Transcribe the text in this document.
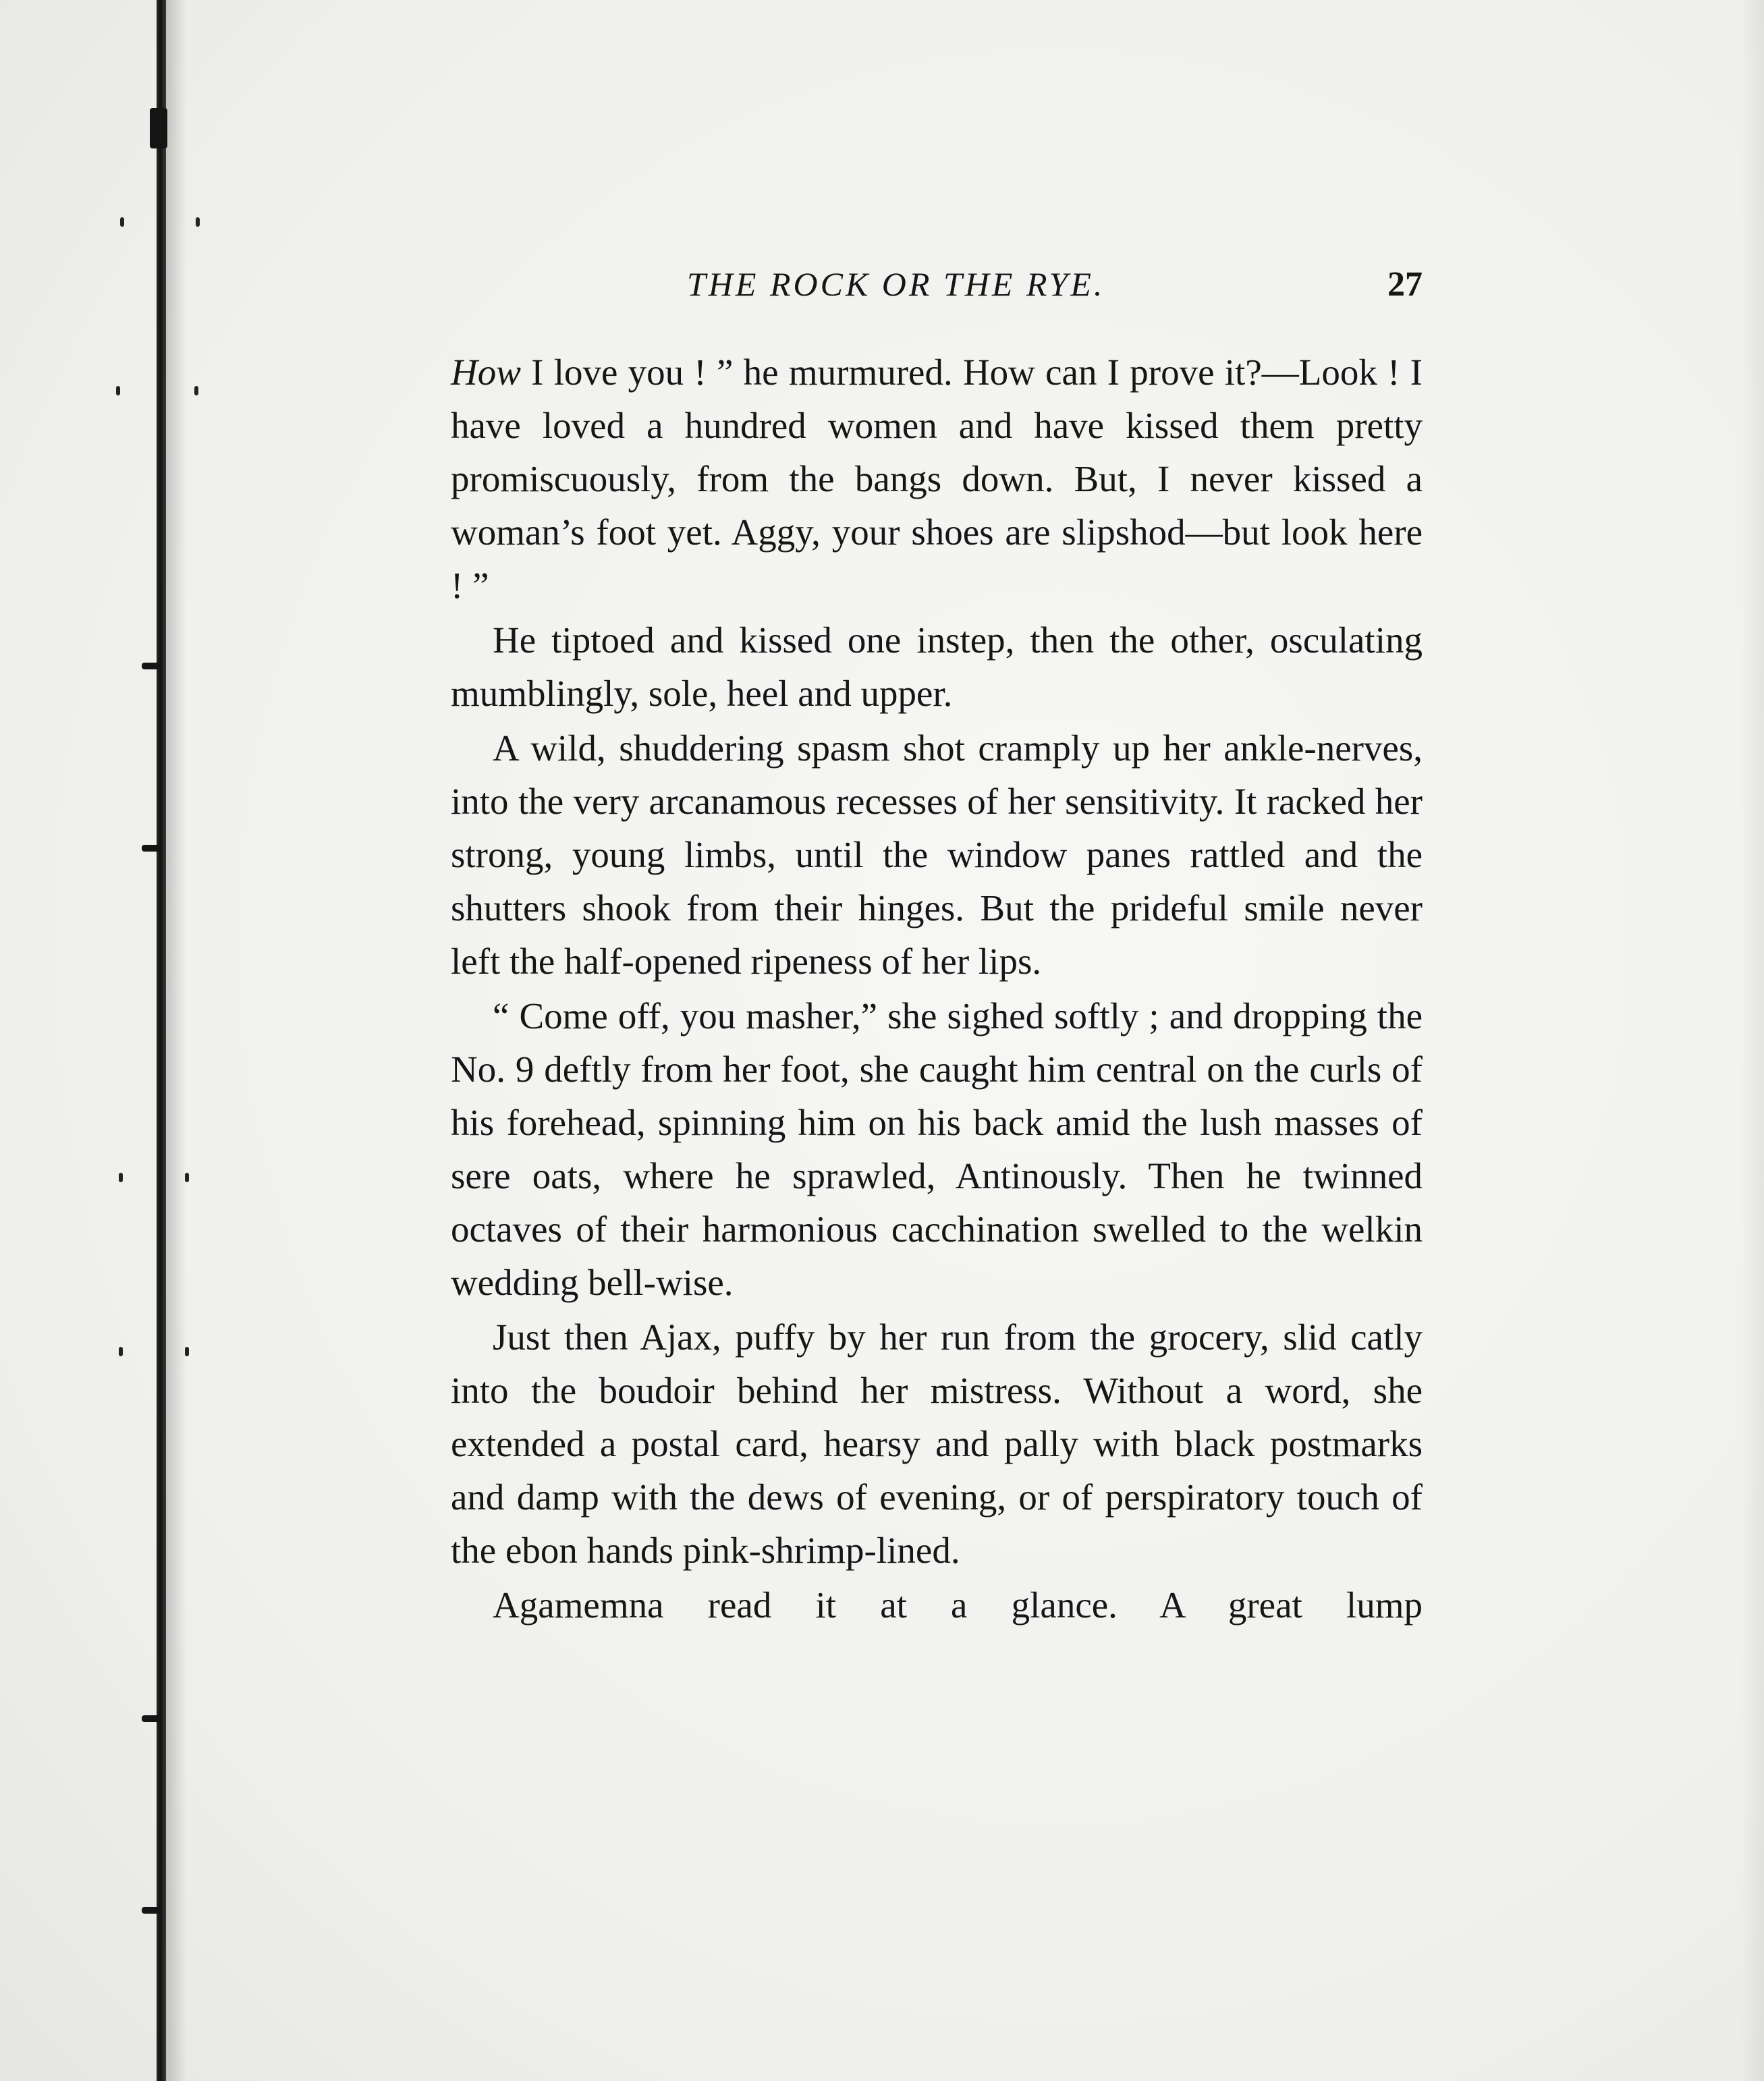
THE ROCK OR THE RYE.	27

How I love you ! ” he murmured. How can I prove it?—Look ! I have loved a hundred women and have kissed them pretty promiscuously, from the bangs down. But, I never kissed a woman’s foot yet. Aggy, your shoes are slipshod—but look here ! ”

He tiptoed and kissed one instep, then the other, osculating mumblingly, sole, heel and upper.

A wild, shuddering spasm shot cramply up her ankle-nerves, into the very arcanamous recesses of her sensitivity. It racked her strong, young limbs, until the window panes rattled and the shutters shook from their hinges. But the prideful smile never left the half-opened ripeness of her lips.

“ Come off, you masher,” she sighed softly ; and dropping the No. 9 deftly from her foot, she caught him central on the curls of his forehead, spinning him on his back amid the lush masses of sere oats, where he sprawled, Antinously. Then he twinned octaves of their harmonious cacchination swelled to the welkin wedding bell-wise.

Just then Ajax, puffy by her run from the grocery, slid catly into the boudoir behind her mistress. Without a word, she extended a postal card, hearsy and pally with black postmarks and damp with the dews of evening, or of perspiratory touch of the ebon hands pink-shrimp-lined.

Agamemna read it at a glance. A great lump
